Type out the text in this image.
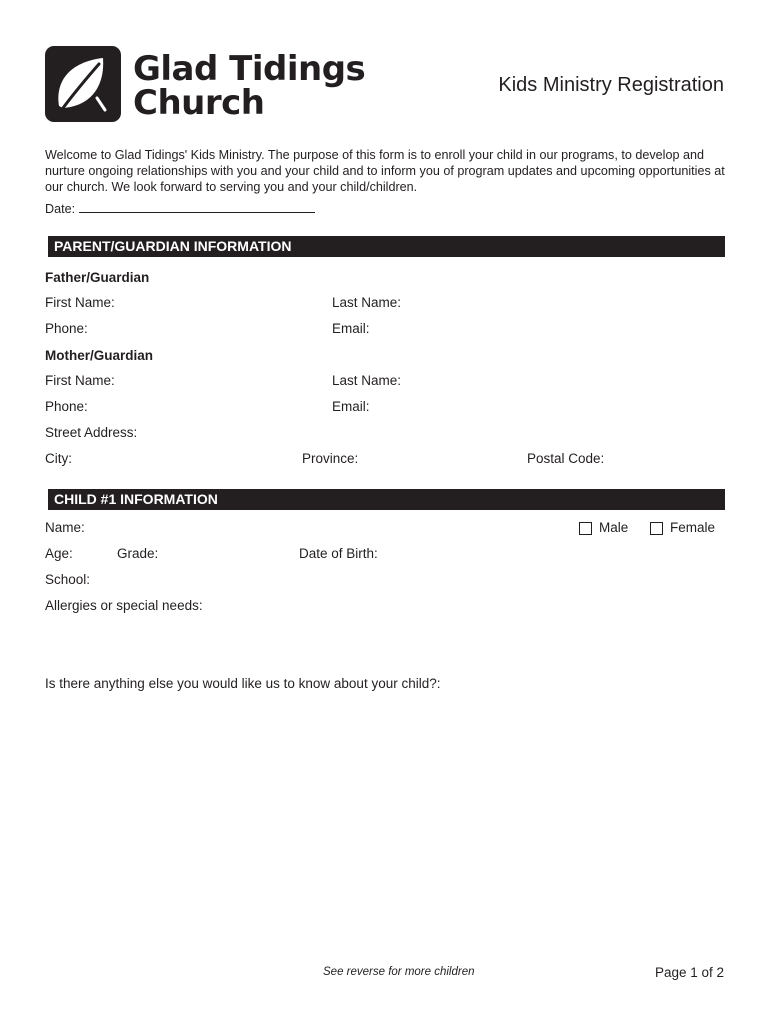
Glad Tidings
Church	Kids Ministry Registration
Welcome to Glad Tidings' Kids Ministry. The purpose of this form is to enroll your child in our programs, to develop and nurture ongoing relationships with you and your child and to inform you of program updates and upcoming opportunities at our church. We look forward to serving you and your child/children.
Date:
PARENT/GUARDIAN INFORMATION
Father/Guardian
First Name:	Last Name:
Phone:	Email:
Mother/Guardian
First Name:	Last Name:
Phone:	Email:
Street Address:
City:	Province:	Postal Code:
CHILD #1 INFORMATION
Name:	Male	Female
Age:	Grade:	Date of Birth:
School:
Allergies or special needs:
Is there anything else you would like us to know about your child?:
See reverse for more children	Page 1 of 2
